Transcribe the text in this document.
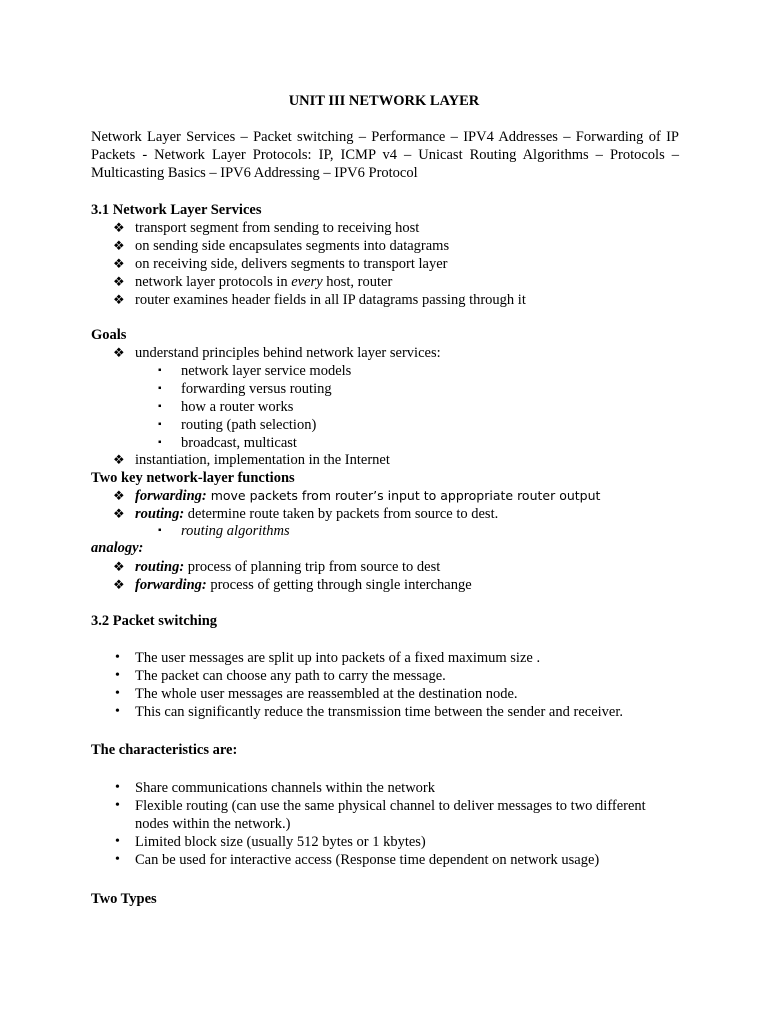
UNIT III NETWORK LAYER
Network Layer Services – Packet switching – Performance – IPV4 Addresses – Forwarding of IP Packets - Network Layer Protocols: IP, ICMP v4 – Unicast Routing Algorithms – Protocols – Multicasting Basics – IPV6 Addressing – IPV6 Protocol
3.1 Network Layer Services
❖ transport segment from sending to receiving host
❖ on sending side encapsulates segments into datagrams
❖ on receiving side, delivers segments to transport layer
❖ network layer protocols in every host, router
❖ router examines header fields in all IP datagrams passing through it
Goals
❖ understand principles behind network layer services:
▪ network layer service models
▪ forwarding versus routing
▪ how a router works
▪ routing (path selection)
▪ broadcast, multicast
❖ instantiation, implementation in the Internet
Two key network-layer functions
❖ forwarding: move packets from router’s input to appropriate router output
❖ routing: determine route taken by packets from source to dest.
▪ routing algorithms
analogy:
❖ routing: process of planning trip from source to dest
❖ forwarding: process of getting through single interchange
3.2 Packet switching
• The user messages are split up into packets of a fixed maximum size .
• The packet can choose any path to carry the message.
• The whole user messages are reassembled at the destination node.
• This can significantly reduce the transmission time between the sender and receiver.
The characteristics are:
• Share communications channels within the network
• Flexible routing (can use the same physical channel to deliver messages to two different nodes within the network.)
• Limited block size (usually 512 bytes or 1 kbytes)
• Can be used for interactive access (Response time dependent on network usage)
Two Types
